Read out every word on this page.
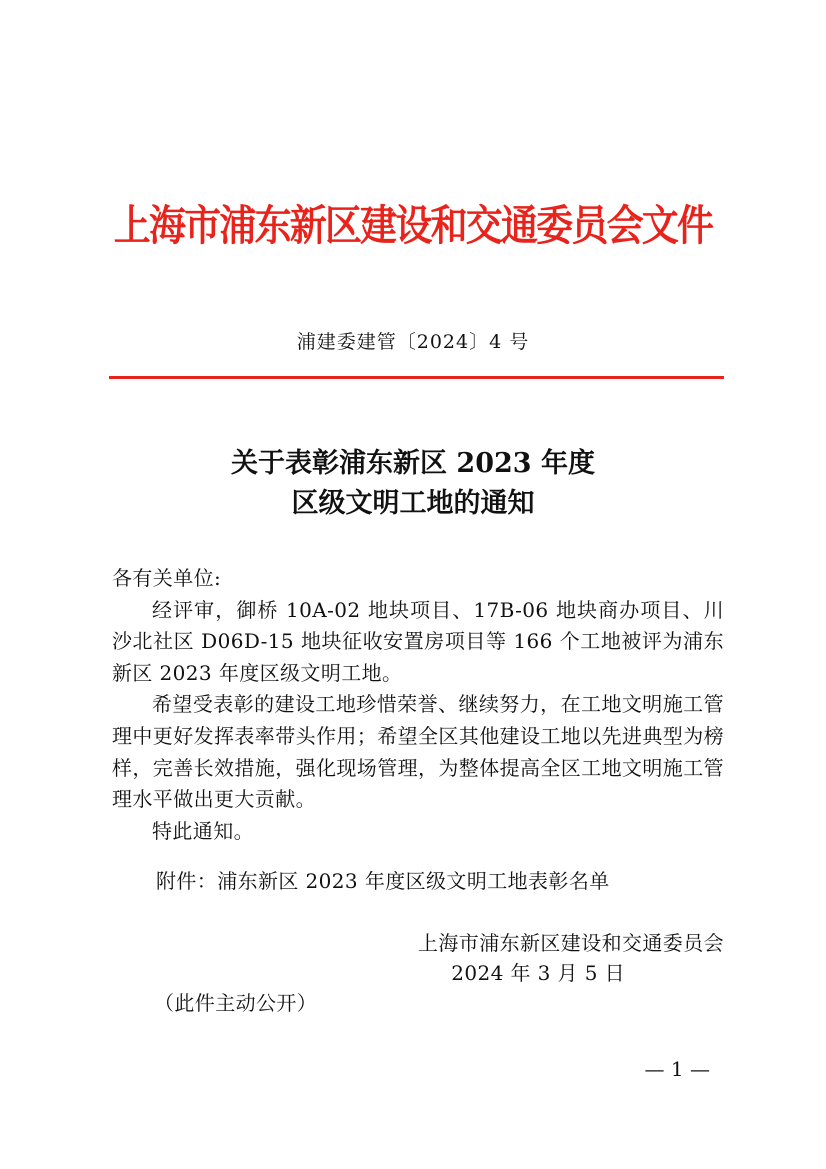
上海市浦东新区建设和交通委员会文件
浦建委建管〔2024〕4 号
关于表彰浦东新区 2023 年度
区级文明工地的通知
各有关单位:

经评审，御桥 10A-02 地块项目、17B-06 地块商办项目、川沙北社区 D06D-15 地块征收安置房项目等 166 个工地被评为浦东新区 2023 年度区级文明工地。

希望受表彰的建设工地珍惜荣誉、继续努力，在工地文明施工管理中更好发挥表率带头作用；希望全区其他建设工地以先进典型为榜样，完善长效措施，强化现场管理，为整体提高全区工地文明施工管理水平做出更大贡献。

特此通知。

附件：浦东新区 2023 年度区级文明工地表彰名单
上海市浦东新区建设和交通委员会
2024 年 3 月 5 日
（此件主动公开）
— 1 —
